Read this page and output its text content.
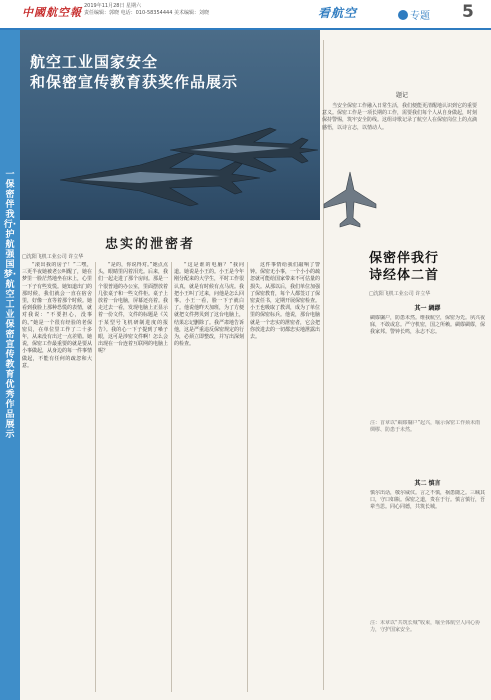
中國航空報 2019年11月28日 星期六
责任编辑：郭晓 电话：010-58354444 美术编辑：刘晓	看航空	专题 5
一保密伴我行·护航强国梦·航空工业保密宣传教育优秀作品展示
航空工业国家安全
和保密宣传教育获奖作品展示
忠实的泄密者
□沈阳飞机工业公司 许立华
“滚出我的房子！”二嘿，三更半夜她被老公叫醒了，她在梦里一脸茫然地坐在床上，心里一下子有些发慌。她知道出门的那时候，我们就会一直在宿舍里，好像一直等着那个时候。她看到我脸上那种恐慌的表情，就对我说：“不要担心，没事的。”她是一个很有经验的老保密员，在单位里工作了二十多年，从来没有出过一点差错。她说，保密工作最重要的就是要从小事做起，从身边的每一件事情做起，不能有任何的疏忽和大意。
“是的，你说得对。”她点点头，眼睛里闪着泪光。后来，我们一起走进了那个房间。那是一个很普通的办公室，里面摆放着几张桌子和一些文件柜。桌子上放着一台电脑，屏幕还亮着。我走过去一看，发现电脑上正显示着一份文件，文件的标题是《关于某型号飞机研制进度的报告》。我的心一下子提到了嗓子眼，这可是涉密文件啊！怎么会出现在一台连着互联网的电脑上呢？
“这是谁的电脑？”我问道。她说是小王的。小王是今年刚分配来的大学生，平时工作很认真，就是有时候有点马虎。我把小王叫了过来，问他是怎么回事。小王一看，脸一下子就白了。他说他昨天加班，为了方便就把文件拷贝到了这台电脑上，结果忘记删除了。我严肃地告诉他，这是严重违反保密规定的行为，必须立即整改，并写出深刻的检查。
这件事情给我们敲响了警钟。保密无小事，一个小小的疏忽就可能给国家带来不可估量的损失。从那以后，我们单位加强了保密教育，每个人都签订了保密责任书，定期开展保密检查。小王也吸取了教训，成为了单位里的保密标兵。他说，那台电脑就是一个忠实的泄密者，它会把你放进去的一切都忠实地泄露出去。
题记
当安全保密工作融入日常生活，我们便能更清醒地认识到它的重要意义。保密工作是一项长期的工作，需要我们每个人从自身做起，时刻保持警惕，筑牢安全防线。这组诗歌记录了航空人在保密岗位上的点滴感悟，以诗言志，以情动人。
保密伴我行
诗经体二首
□沈阳飞机工业公司 许立华
其一 綢繆
綢繆牖户，防患未然。维我航空，保密为先。夙兴夜寐，不敢或怠。严守机密，国之所赖。綢繆綢繆，保我家邦。警钟长鸣，永志不忘。
注：首章以“綢繆牖户”起兴，喻示保密工作须未雨绸缪、防患于未然。
其二 慎言
慎尔出话，敬尔威仪。言之不慎，祸患随之。三缄其口，守口如瓶。保密之道，贵在于行。慎言慎行，吾辈当思。同心同德，共筑长城。
注：末章以“共筑长城”收束，喻全体航空人同心协力，守护国家安全。
